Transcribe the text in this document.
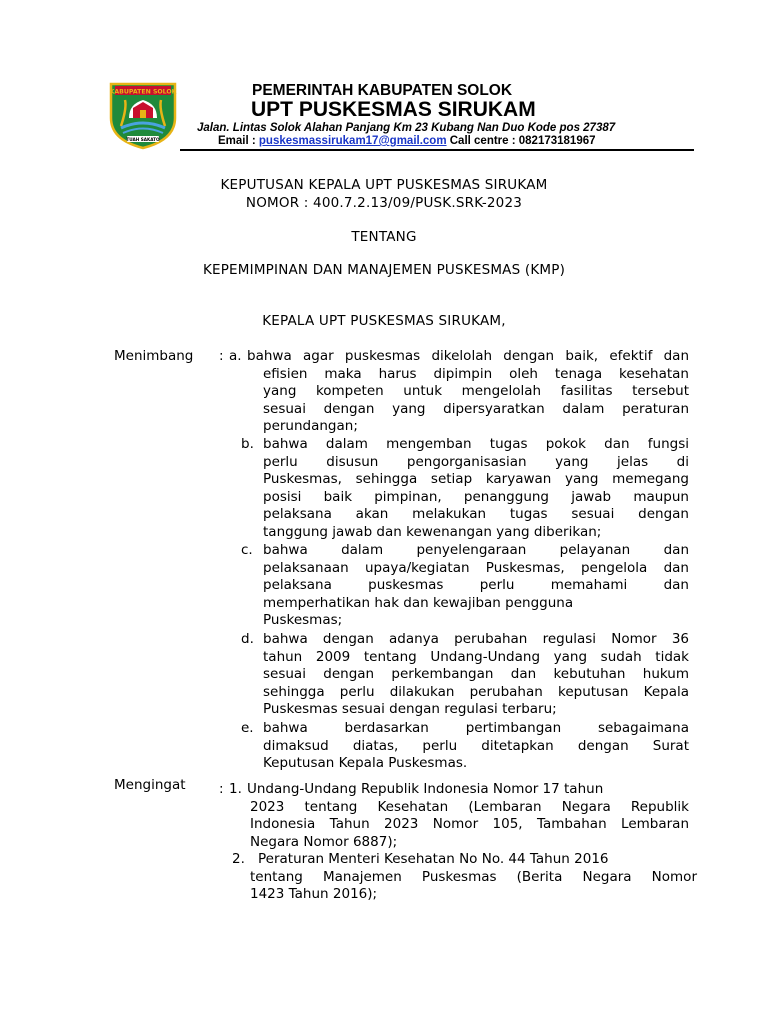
KABUPATEN SOLOK
TUAH SAKATO
PEMERINTAH KABUPATEN SOLOK
UPT PUSKESMAS SIRUKAM
Jalan. Lintas Solok Alahan Panjang Km 23 Kubang Nan Duo Kode pos 27387
Email : puskesmassirukam17@gmail.com Call centre : 082173181967
KEPUTUSAN KEPALA UPT PUSKESMAS SIRUKAM
NOMOR : 400.7.2.13/09/PUSK.SRK-2023
TENTANG
KEPEMIMPINAN DAN MANAJEMEN PUSKESMAS (KMP)
KEPALA UPT PUSKESMAS SIRUKAM,
Menimbang : a. bahwa agar puskesmas dikelolah dengan baik, efektif dan
efisien maka harus dipimpin oleh tenaga kesehatan
yang kompeten untuk mengelolah fasilitas tersebut
sesuai dengan yang dipersyaratkan dalam peraturan
perundangan;
b. bahwa dalam mengemban tugas pokok dan fungsi
perlu disusun pengorganisasian yang jelas di
Puskesmas, sehingga setiap karyawan yang memegang
posisi baik pimpinan, penanggung jawab maupun
pelaksana akan melakukan tugas sesuai dengan
tanggung jawab dan kewenangan yang diberikan;
c. bahwa dalam penyelengaraan pelayanan dan
pelaksanaan upaya/kegiatan Puskesmas, pengelola dan
pelaksana puskesmas perlu memahami dan
memperhatikan hak dan kewajiban pengguna
Puskesmas;
d. bahwa dengan adanya perubahan regulasi Nomor 36
tahun 2009 tentang Undang-Undang yang sudah tidak
sesuai dengan perkembangan dan kebutuhan hukum
sehingga perlu dilakukan perubahan keputusan Kepala
Puskesmas sesuai dengan regulasi terbaru;
e. bahwa berdasarkan pertimbangan sebagaimana
dimaksud diatas, perlu ditetapkan dengan Surat
Keputusan Kepala Puskesmas.
Mengingat : 1. Undang-Undang Republik Indonesia Nomor 17 tahun
2023 tentang Kesehatan (Lembaran Negara Republik
Indonesia Tahun 2023 Nomor 105, Tambahan Lembaran
Negara Nomor 6887);
2. Peraturan Menteri Kesehatan No No. 44 Tahun 2016
tentang Manajemen Puskesmas (Berita Negara Nomor
1423 Tahun 2016);
